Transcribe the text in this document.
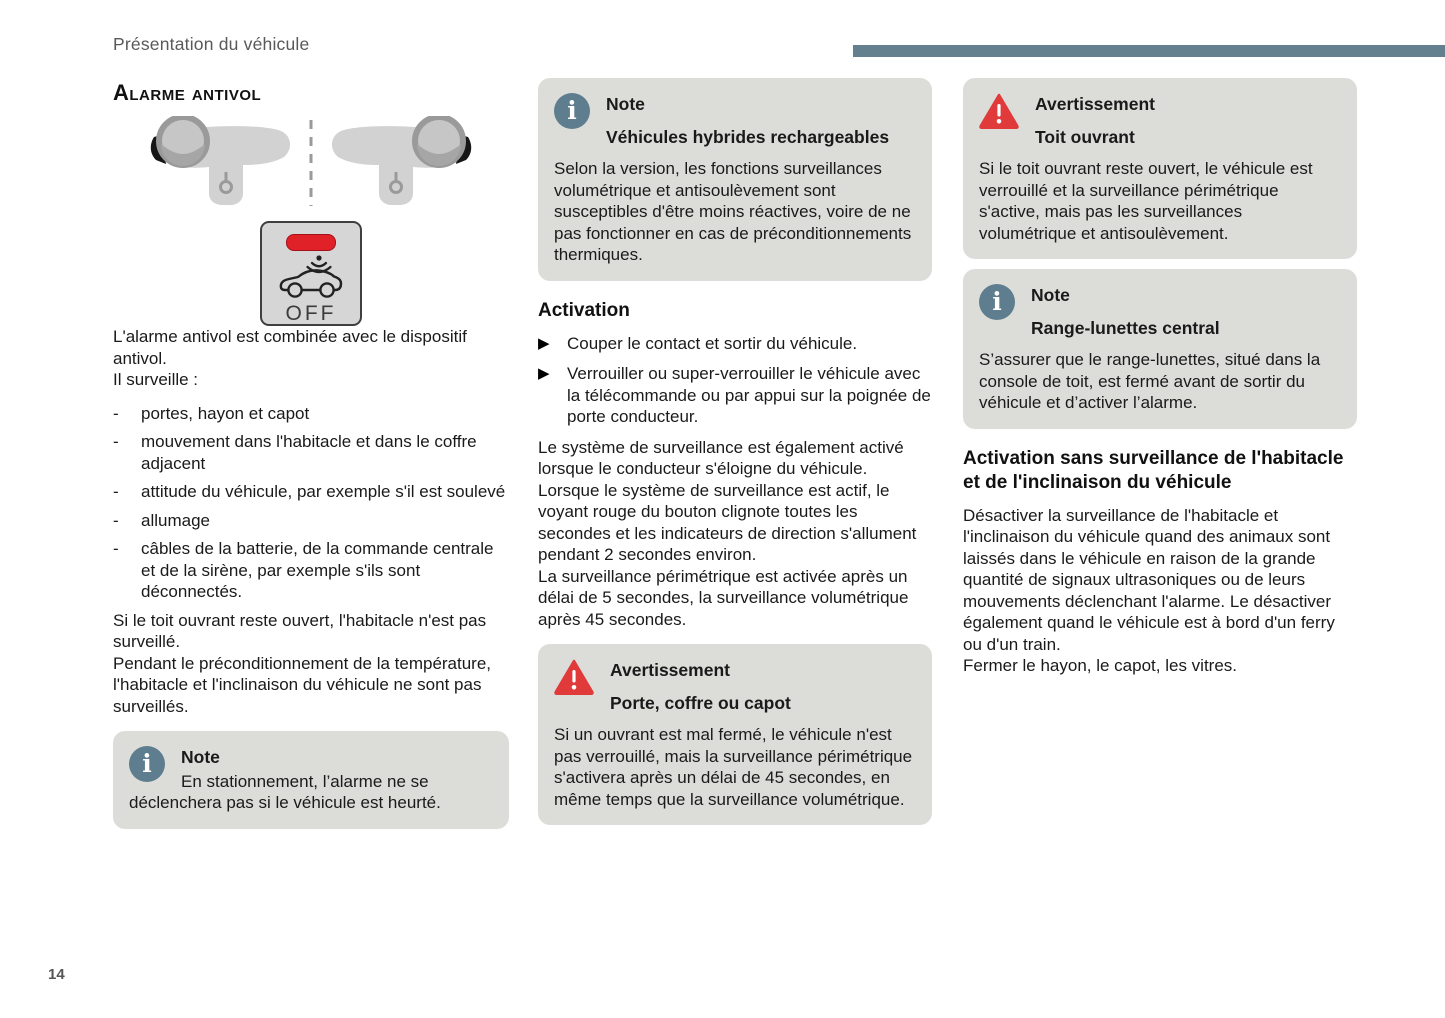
Présentation du véhicule
Alarme antivol

OFF

L'alarme antivol est combinée avec le dispositif antivol.

Il surveille :

-	portes, hayon et capot
-	mouvement dans l'habitacle et dans le coffre adjacent
-	attitude du véhicule, par exemple s'il est soulevé
-	allumage
-	câbles de la batterie, de la commande centrale et de la sirène, par exemple s'ils sont déconnectés.

Si le toit ouvrant reste ouvert, l'habitacle n'est pas surveillé.

Pendant le préconditionnement de la température, l'habitacle et l'inclinaison du véhicule ne sont pas surveillés.

i	Note
En stationnement, l’alarme ne se déclenchera pas si le véhicule est heurté.
i	Note
Véhicules hybrides rechargeables
Selon la version, les fonctions surveillances volumétrique et antisoulèvement sont susceptibles d'être moins réactives, voire de ne pas fonctionner en cas de préconditionnements thermiques.
Activation
▶	Couper le contact et sortir du véhicule.
▶	Verrouiller ou super-verrouiller le véhicule avec la télécommande ou par appui sur la poignée de porte conducteur.

Le système de surveillance est également activé lorsque le conducteur s'éloigne du véhicule.

Lorsque le système de surveillance est actif, le voyant rouge du bouton clignote toutes les secondes et les indicateurs de direction s'allument pendant 2 secondes environ.

La surveillance périmétrique est activée après un délai de 5 secondes, la surveillance volumétrique après 45 secondes.

Avertissement
Porte, coffre ou capot
Si un ouvrant est mal fermé, le véhicule n'est pas verrouillé, mais la surveillance périmétrique s'activera après un délai de 45 secondes, en même temps que la surveillance volumétrique.
Avertissement
Toit ouvrant
Si le toit ouvrant reste ouvert, le véhicule est verrouillé et la surveillance périmétrique s'active, mais pas les surveillances volumétrique et antisoulèvement.
i	Note
Range-lunettes central
S’assurer que le range-lunettes, situé dans la console de toit, est fermé avant de sortir du véhicule et d’activer l’alarme.
Activation sans surveillance de l'habitacle et de l'inclinaison du véhicule

Désactiver la surveillance de l'habitacle et l'inclinaison du véhicule quand des animaux sont laissés dans le véhicule en raison de la grande quantité de signaux ultrasoniques ou de leurs mouvements déclenchant l'alarme. Le désactiver également quand le véhicule est à bord d'un ferry ou d'un train.

Fermer le hayon, le capot, les vitres.

14
